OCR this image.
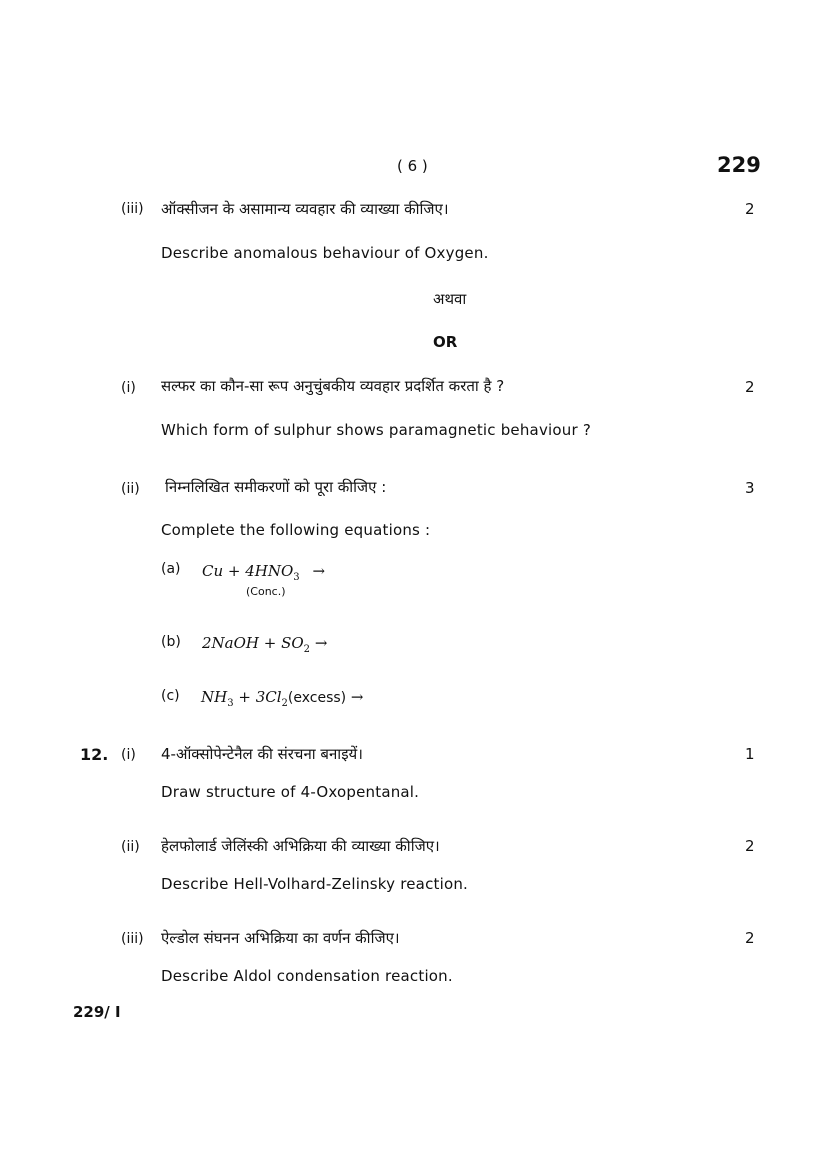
( 6 )	229
(iii) ऑक्सीजन के असामान्य व्यवहार की व्याख्या कीजिए।	2
Describe anomalous behaviour of Oxygen.
अथवा
OR
(i) सल्फर का कौन-सा रूप अनुचुंबकीय व्यवहार प्रदर्शित करता है ?	2
Which form of sulphur shows paramagnetic behaviour ?
(ii) निम्नलिखित समीकरणों को पूरा कीजिए :	3
Complete the following equations :
(a) $Cu + 4HNO_3$ →
(Conc.)
(b) 2NaOH + $SO_2$ →
(c) $NH_3$ + $3Cl_2(excess)$ →
12. (i) 4-ऑक्सोपेन्टेनैल की संरचना बनाइयें।	1
Draw structure of 4-Oxopentanal.
(ii) हेलफोलार्ड जेलिंस्की अभिक्रिया की व्याख्या कीजिए।	2
Describe Hell-Volhard-Zelinsky reaction.
(iii) ऐल्डोल संघनन अभिक्रिया का वर्णन कीजिए।	2
Describe Aldol condensation reaction.
229/ I
